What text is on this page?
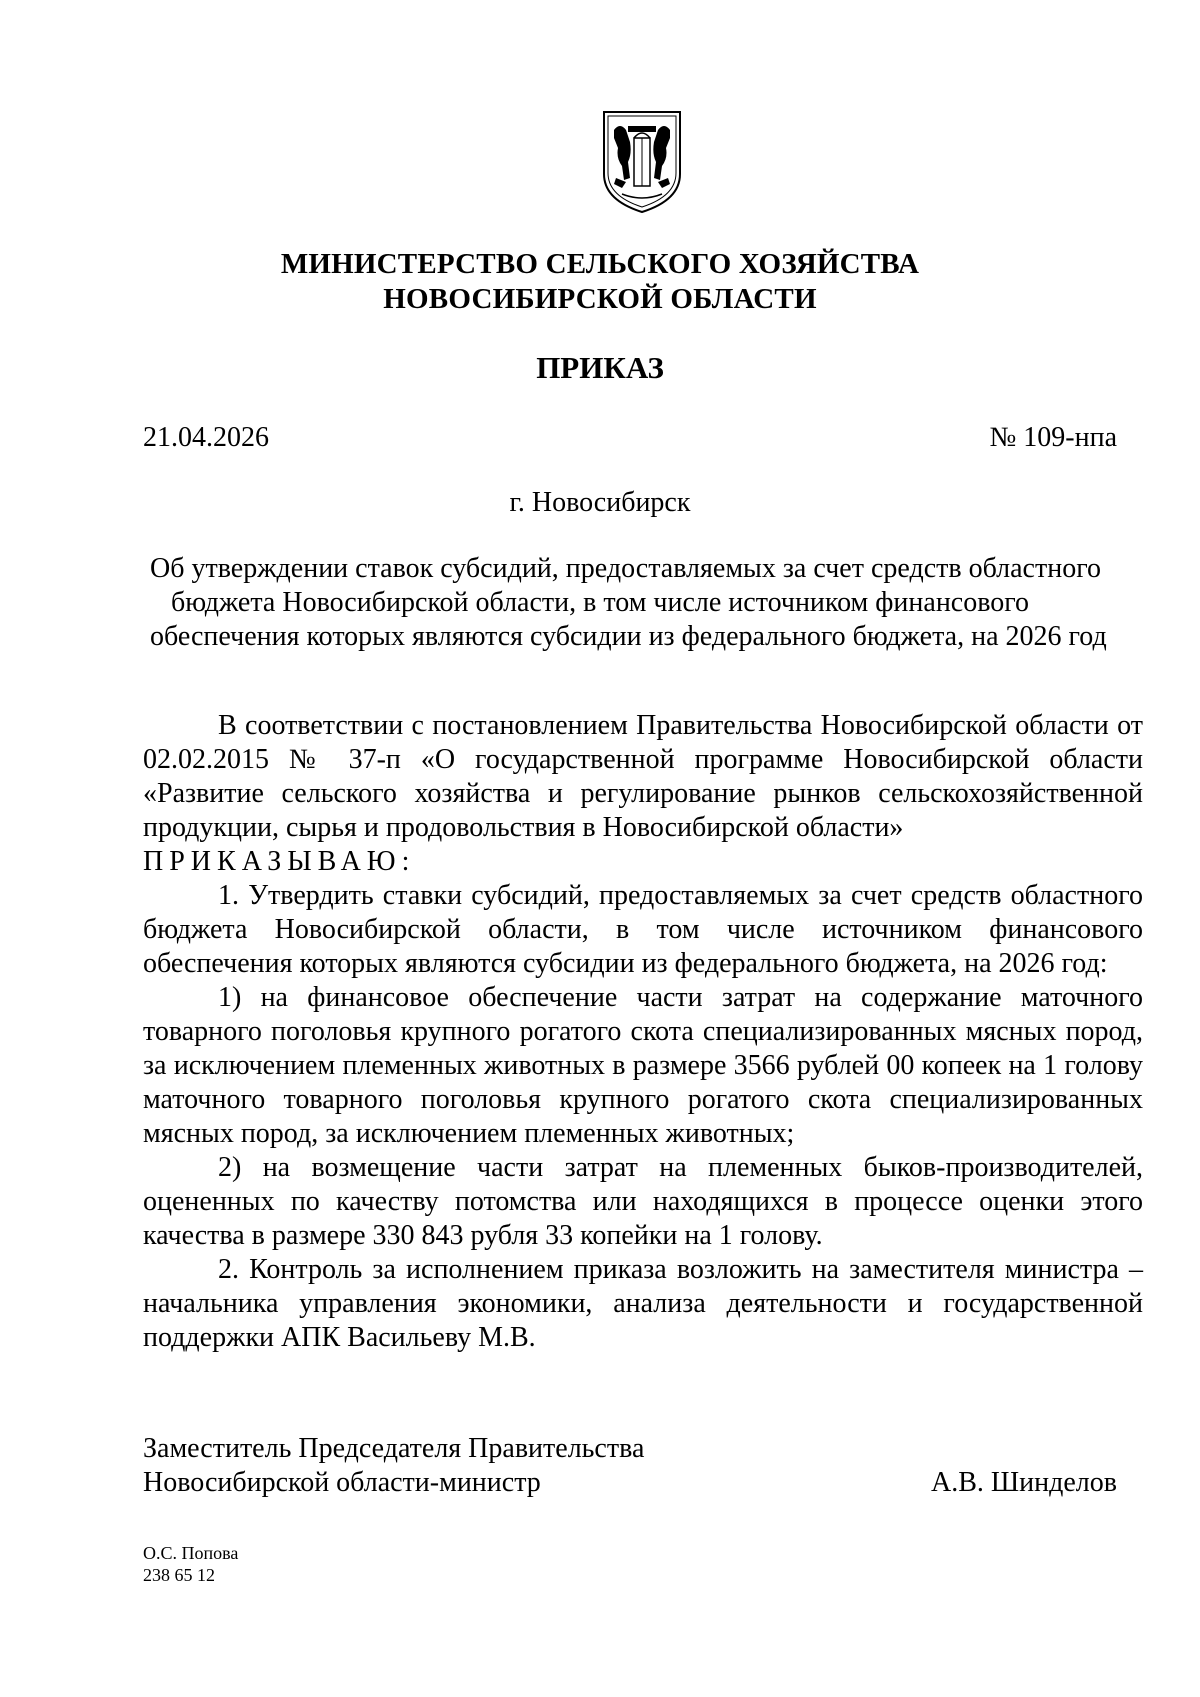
МИНИСТЕРСТВО СЕЛЬСКОГО ХОЗЯЙСТВА
НОВОСИБИРСКОЙ ОБЛАСТИ
ПРИКАЗ
21.04.2026	№ 109-нпа
г. Новосибирск
Об утверждении ставок субсидий, предоставляемых за счет средств областного
бюджета Новосибирской области, в том числе источником финансового
обеспечения которых являются субсидии из федерального бюджета, на 2026 год

В соответствии с постановлением Правительства Новосибирской области от 02.02.2015 № 37-п «О государственной программе Новосибирской области «Развитие сельского хозяйства и регулирование рынков сельскохозяйственной продукции, сырья и продовольствия в Новосибирской области»

ПРИКАЗЫВАЮ:

1. Утвердить ставки субсидий, предоставляемых за счет средств областного бюджета Новосибирской области, в том числе источником финансового обеспечения которых являются субсидии из федерального бюджета, на 2026 год:

1) на финансовое обеспечение части затрат на содержание маточного товарного поголовья крупного рогатого скота специализированных мясных пород, за исключением племенных животных в размере 3566 рублей 00 копеек на 1 голову маточного товарного поголовья крупного рогатого скота специализированных мясных пород, за исключением племенных животных;

2) на возмещение части затрат на племенных быков-производителей, оцененных по качеству потомства или находящихся в процессе оценки этого качества в размере 330 843 рубля 33 копейки на 1 голову.

2. Контроль за исполнением приказа возложить на заместителя министра – начальника управления экономики, анализа деятельности и государственной поддержки АПК Васильеву М.В.

Заместитель Председателя Правительства
Новосибирской области-министр	А.В. Шинделов
О.С. Попова
238 65 12
